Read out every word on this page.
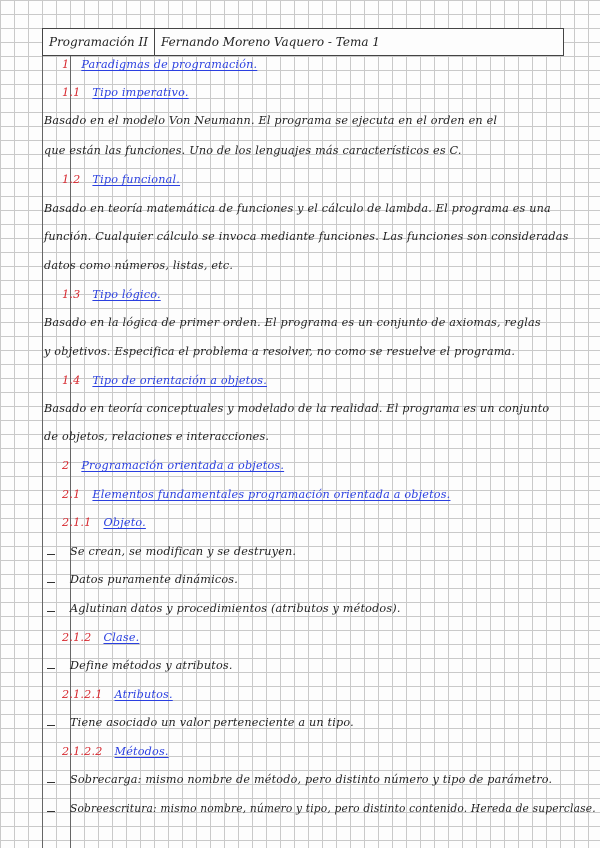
Programación II	Fernando Moreno Vaquero - Tema 1
1 Paradigmas de programación.
1.1 Tipo imperativo.
Basado en el modelo Von Neumann. El programa se ejecuta en el orden en el
que están las funciones. Uno de los lenguajes más característicos es C.
1.2 Tipo funcional.
Basado en teoría matemática de funciones y el cálculo de lambda. El programa es una
función. Cualquier cálculo se invoca mediante funciones. Las funciones son consideradas
datos como números, listas, etc.
1.3 Tipo lógico.
Basado en la lógica de primer orden. El programa es un conjunto de axiomas, reglas
y objetivos. Especifica el problema a resolver, no como se resuelve el programa.
1.4 Tipo de orientación a objetos.
Basado en teoría conceptuales y modelado de la realidad. El programa es un conjunto
de objetos, relaciones e interacciones.
2 Programación orientada a objetos.
2.1 Elementos fundamentales programación orientada a objetos.
2.1.1 Objeto.
Se crean, se modifican y se destruyen.
Datos puramente dinámicos.
Aglutinan datos y procedimientos (atributos y métodos).
2.1.2 Clase.
Define métodos y atributos.
2.1.2.1 Atributos.
Tiene asociado un valor perteneciente a un tipo.
2.1.2.2 Métodos.
Sobrecarga: mismo nombre de método, pero distinto número y tipo de parámetro.
Sobreescritura: mismo nombre, número y tipo, pero distinto contenido. Hereda de superclase.
